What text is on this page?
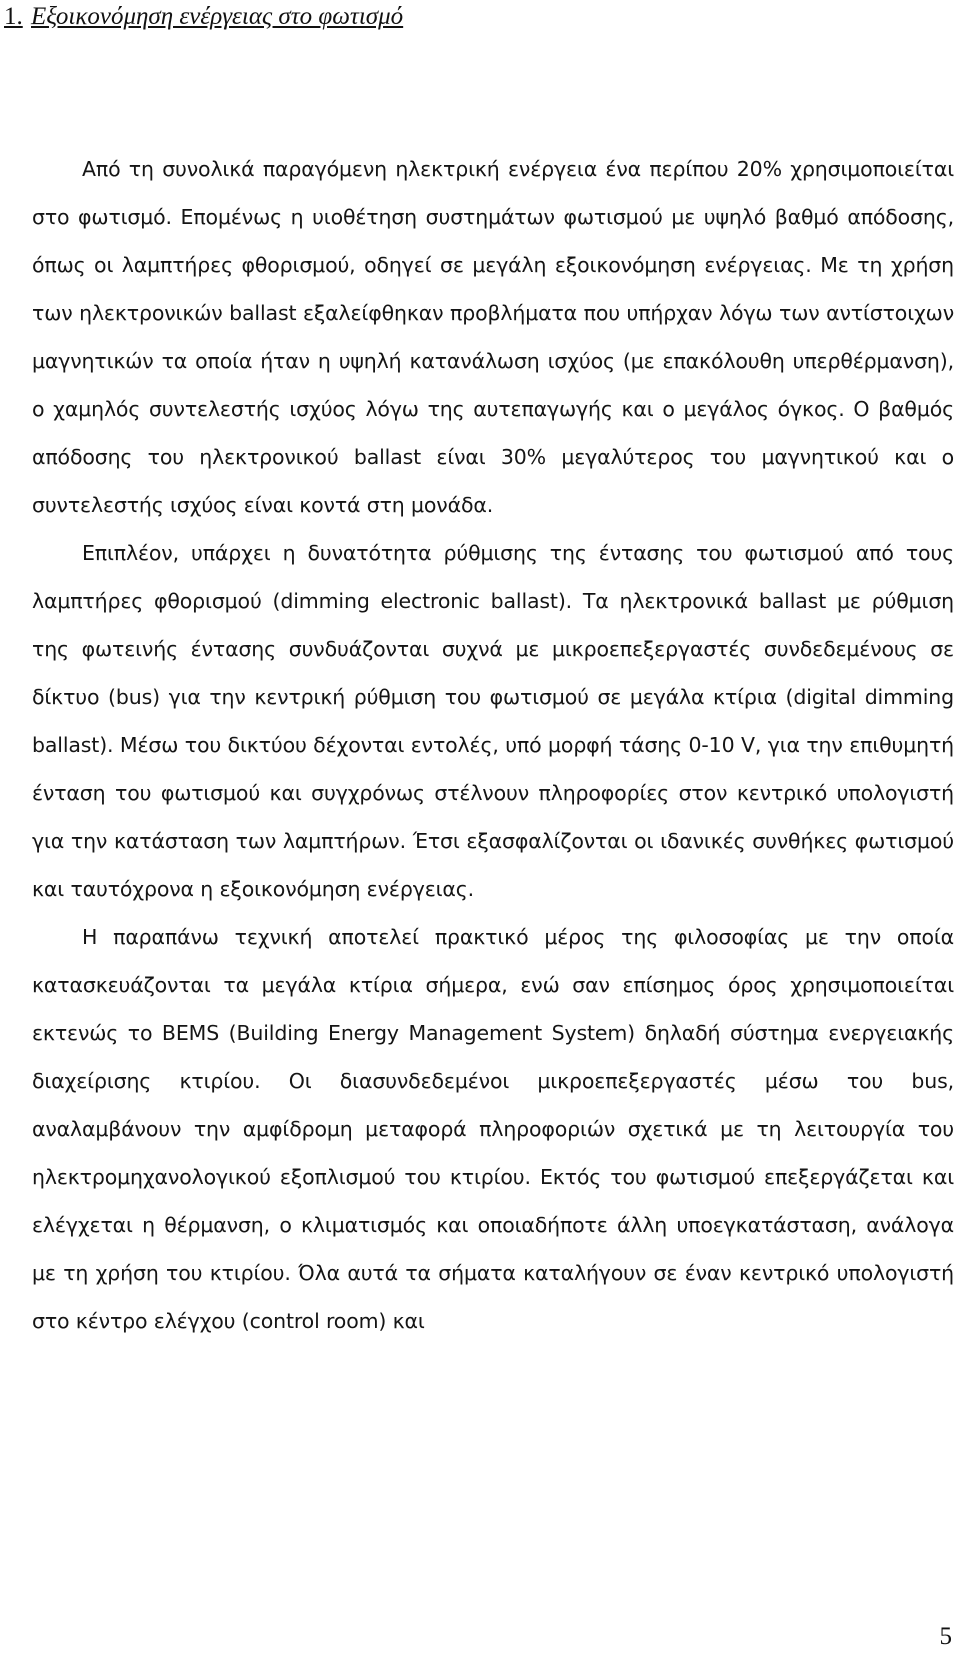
1. Εξοικονόμηση ενέργειας στο φωτισμό

Από τη συνολικά παραγόμενη ηλεκτρική ενέργεια ένα περίπου 20% χρησιμοποιείται στο φωτισμό. Επομένως η υιοθέτηση συστημάτων φωτισμού με υψηλό βαθμό απόδοσης, όπως οι λαμπτήρες φθορισμού, οδηγεί σε μεγάλη εξοικονόμηση ενέργειας. Με τη χρήση των ηλεκτρονικών ballast εξαλείφθηκαν προβλήματα που υπήρχαν λόγω των αντίστοιχων μαγνητικών τα οποία ήταν η υψηλή κατανάλωση ισχύος (με επακόλουθη υπερθέρμανση), ο χαμηλός συντελεστής ισχύος λόγω της αυτεπαγωγής και ο μεγάλος όγκος. Ο βαθμός απόδοσης του ηλεκτρονικού ballast είναι 30% μεγαλύτερος του μαγνητικού και ο συντελεστής ισχύος είναι κοντά στη μονάδα.

Επιπλέον, υπάρχει η δυνατότητα ρύθμισης της έντασης του φωτισμού από τους λαμπτήρες φθορισμού (dimming electronic ballast). Τα ηλεκτρονικά ballast με ρύθμιση της φωτεινής έντασης συνδυάζονται συχνά με μικροεπεξεργαστές συνδεδεμένους σε δίκτυο (bus) για την κεντρική ρύθμιση του φωτισμού σε μεγάλα κτίρια (digital dimming ballast). Μέσω του δικτύου δέχονται εντολές, υπό μορφή τάσης 0-10 V, για την επιθυμητή ένταση του φωτισμού και συγχρόνως στέλνουν πληροφορίες στον κεντρικό υπολογιστή για την κατάσταση των λαμπτήρων. Έτσι εξασφαλίζονται οι ιδανικές συνθήκες φωτισμού και ταυτόχρονα η εξοικονόμηση ενέργειας.

Η παραπάνω τεχνική αποτελεί πρακτικό μέρος της φιλοσοφίας με την οποία κατασκευάζονται τα μεγάλα κτίρια σήμερα, ενώ σαν επίσημος όρος χρησιμοποιείται εκτενώς το BEMS (Building Energy Management System) δηλαδή σύστημα ενεργειακής διαχείρισης κτιρίου. Οι διασυνδεδεμένοι μικροεπεξεργαστές μέσω του bus, αναλαμβάνουν την αμφίδρομη μεταφορά πληροφοριών σχετικά με τη λειτουργία του ηλεκτρομηχανολογικού εξοπλισμού του κτιρίου. Εκτός του φωτισμού επεξεργάζεται και ελέγχεται η θέρμανση, ο κλιματισμός και οποιαδήποτε άλλη υποεγκατάσταση, ανάλογα με τη χρήση του κτιρίου. Όλα αυτά τα σήματα καταλήγουν σε έναν κεντρικό υπολογιστή στο κέντρο ελέγχου (control room) και

5
